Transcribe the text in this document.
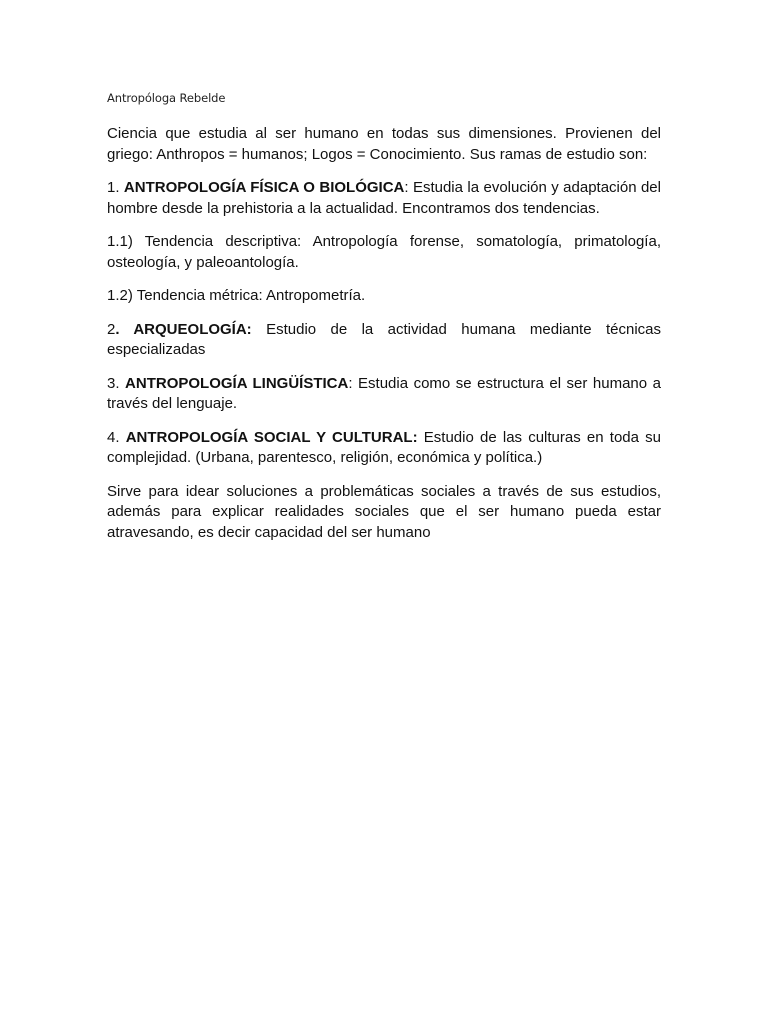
Antropóloga Rebelde

Ciencia que estudia al ser humano en todas sus dimensiones. Provienen del griego: Anthropos = humanos; Logos = Conocimiento. Sus ramas de estudio son:

1. ANTROPOLOGÍA FÍSICA O BIOLÓGICA: Estudia la evolución y adaptación del hombre desde la prehistoria a la actualidad. Encontramos dos tendencias.

1.1) Tendencia descriptiva: Antropología forense, somatología, primatología, osteología, y paleoantología.

1.2) Tendencia métrica: Antropometría.

2. ARQUEOLOGÍA: Estudio de la actividad humana mediante técnicas especializadas

3. ANTROPOLOGÍA LINGÜÍSTICA: Estudia como se estructura el ser humano a través del lenguaje.

4. ANTROPOLOGÍA SOCIAL Y CULTURAL: Estudio de las culturas en toda su complejidad. (Urbana, parentesco, religión, económica y política.)

Sirve para idear soluciones a problemáticas sociales a través de sus estudios, además para explicar realidades sociales que el ser humano pueda estar atravesando, es decir capacidad del ser humano
